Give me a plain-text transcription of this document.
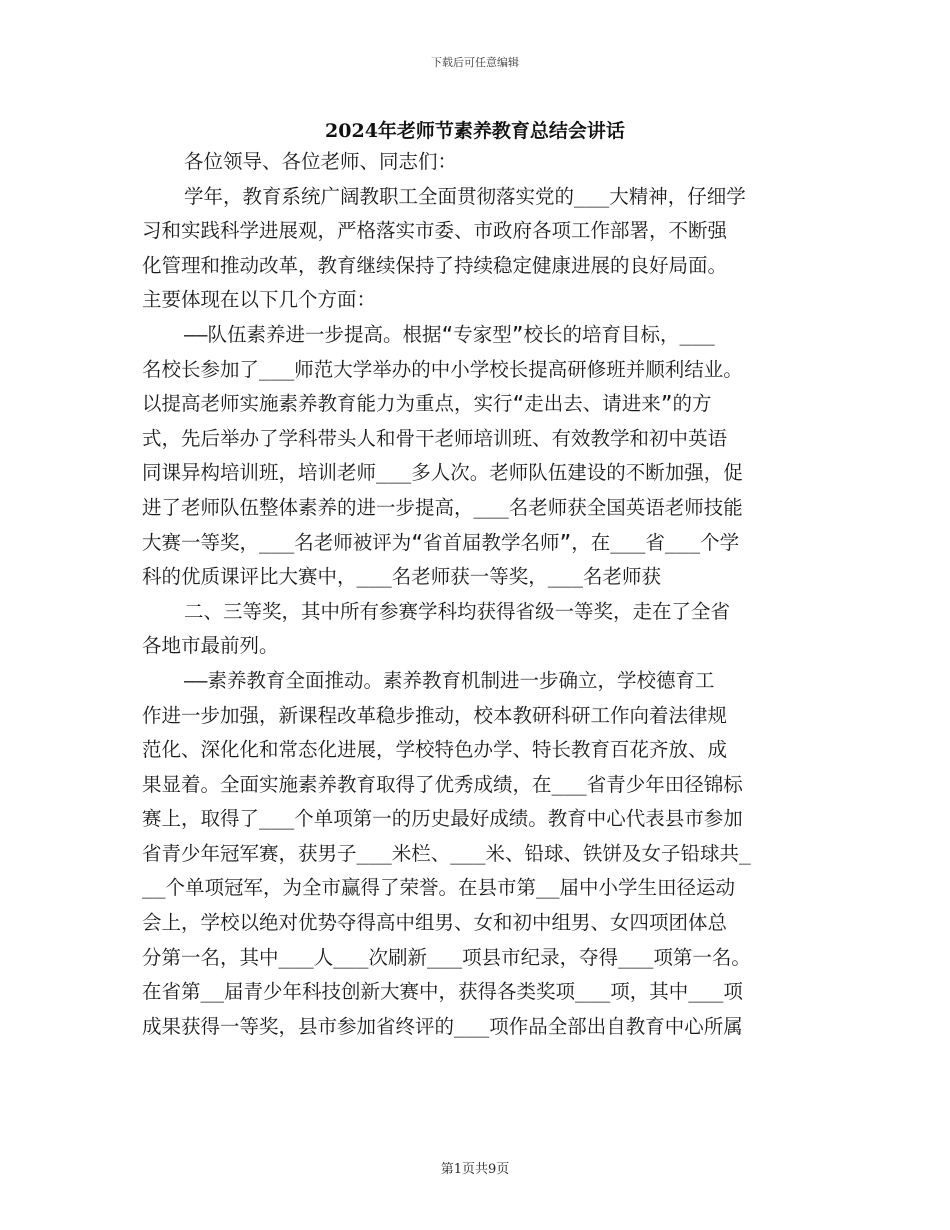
下载后可任意编辑
2024年老师节素养教育总结会讲话
各位领导、各位老师、同志们：
学年，教育系统广阔教职工全面贯彻落实党的___大精神，仔细学
习和实践科学进展观，严格落实市委、市政府各项工作部署，不断强
化管理和推动改革，教育继续保持了持续稳定健康进展的良好局面。
主要体现在以下几个方面：
——队伍素养进一步提高。根据“专家型”校长的培育目标，___
名校长参加了___师范大学举办的中小学校长提高研修班并顺利结业。
以提高老师实施素养教育能力为重点，实行“走出去、请进来”的方
式，先后举办了学科带头人和骨干老师培训班、有效教学和初中英语
同课异构培训班，培训老师___多人次。老师队伍建设的不断加强，促
进了老师队伍整体素养的进一步提高，___名老师获全国英语老师技能
大赛一等奖，___名老师被评为“省首届教学名师”，在___省___个学
科的优质课评比大赛中，___名老师获一等奖，___名老师获
二、三等奖，其中所有参赛学科均获得省级一等奖，走在了全省
各地市最前列。
——素养教育全面推动。素养教育机制进一步确立，学校德育工
作进一步加强，新课程改革稳步推动，校本教研科研工作向着法律规
范化、深化化和常态化进展，学校特色办学、特长教育百花齐放、成
果显着。全面实施素养教育取得了优秀成绩，在___省青少年田径锦标
赛上，取得了___个单项第一的历史最好成绩。教育中心代表县市参加
省青少年冠军赛，获男子___米栏、___米、铅球、铁饼及女子铅球共_
__个单项冠军，为全市赢得了荣誉。在县市第__届中小学生田径运动
会上，学校以绝对优势夺得高中组男、女和初中组男、女四项团体总
分第一名，其中___人___次刷新___项县市纪录，夺得___项第一名。
在省第__届青少年科技创新大赛中，获得各类奖项___项，其中___项
成果获得一等奖，县市参加省终评的___项作品全部出自教育中心所属
第1页共9页
